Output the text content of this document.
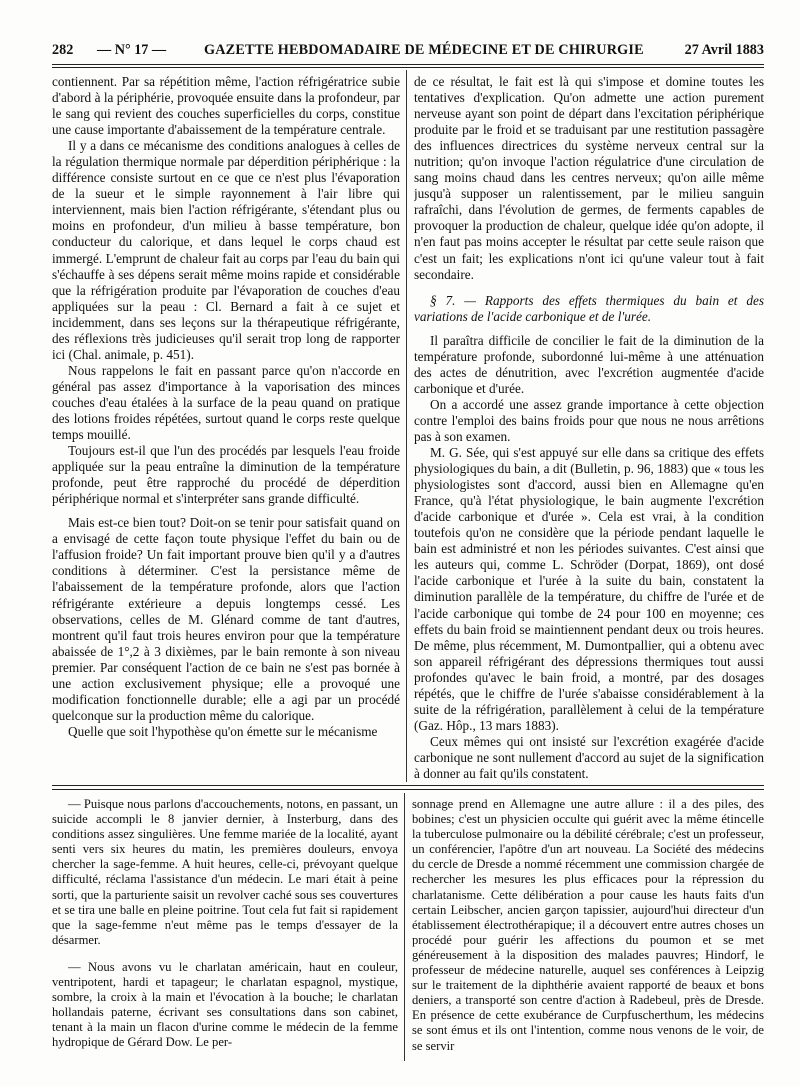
282 — N° 17 —	GAZETTE HEBDOMADAIRE DE MÉDECINE ET DE CHIRURGIE	27 Avril 1883

contiennent. Par sa répétition même, l'action réfrigératrice subie d'abord à la périphérie, provoquée ensuite dans la profondeur, par le sang qui revient des couches superficielles du corps, constitue une cause importante d'abaissement de la température centrale.

Il y a dans ce mécanisme des conditions analogues à celles de la régulation thermique normale par déperdition périphérique : la différence consiste surtout en ce que ce n'est plus l'évaporation de la sueur et le simple rayonnement à l'air libre qui interviennent, mais bien l'action réfrigérante, s'étendant plus ou moins en profondeur, d'un milieu à basse température, bon conducteur du calorique, et dans lequel le corps chaud est immergé. L'emprunt de chaleur fait au corps par l'eau du bain qui s'échauffe à ses dépens serait même moins rapide et considérable que la réfrigération produite par l'évaporation de couches d'eau appliquées sur la peau : Cl. Bernard a fait à ce sujet et incidemment, dans ses leçons sur la thérapeutique réfrigérante, des réflexions très judicieuses qu'il serait trop long de rapporter ici (Chal. animale, p. 451).

Nous rappelons le fait en passant parce qu'on n'accorde en général pas assez d'importance à la vaporisation des minces couches d'eau étalées à la surface de la peau quand on pratique des lotions froides répétées, surtout quand le corps reste quelque temps mouillé.

Toujours est-il que l'un des procédés par lesquels l'eau froide appliquée sur la peau entraîne la diminution de la température profonde, peut être rapproché du procédé de déperdition périphérique normal et s'interpréter sans grande difficulté.

Mais est-ce bien tout? Doit-on se tenir pour satisfait quand on a envisagé de cette façon toute physique l'effet du bain ou de l'affusion froide? Un fait important prouve bien qu'il y a d'autres conditions à déterminer. C'est la persistance même de l'abaissement de la température profonde, alors que l'action réfrigérante extérieure a depuis longtemps cessé. Les observations, celles de M. Glénard comme de tant d'autres, montrent qu'il faut trois heures environ pour que la température abaissée de 1°,2 à 3 dixièmes, par le bain remonte à son niveau premier. Par conséquent l'action de ce bain ne s'est pas bornée à une action exclusivement physique; elle a provoqué une modification fonctionnelle durable; elle a agi par un procédé quelconque sur la production même du calorique.

Quelle que soit l'hypothèse qu'on émette sur le mécanisme

de ce résultat, le fait est là qui s'impose et domine toutes les tentatives d'explication. Qu'on admette une action purement nerveuse ayant son point de départ dans l'excitation périphérique produite par le froid et se traduisant par une restitution passagère des influences directrices du système nerveux central sur la nutrition; qu'on invoque l'action régulatrice d'une circulation de sang moins chaud dans les centres nerveux; qu'on aille même jusqu'à supposer un ralentissement, par le milieu sanguin rafraîchi, dans l'évolution de germes, de ferments capables de provoquer la production de chaleur, quelque idée qu'on adopte, il n'en faut pas moins accepter le résultat par cette seule raison que c'est un fait; les explications n'ont ici qu'une valeur tout à fait secondaire.

§ 7. — Rapports des effets thermiques du bain et des variations de l'acide carbonique et de l'urée.

Il paraîtra difficile de concilier le fait de la diminution de la température profonde, subordonné lui-même à une atténuation des actes de dénutrition, avec l'excrétion augmentée d'acide carbonique et d'urée.

On a accordé une assez grande importance à cette objection contre l'emploi des bains froids pour que nous ne nous arrêtions pas à son examen.

M. G. Sée, qui s'est appuyé sur elle dans sa critique des effets physiologiques du bain, a dit (Bulletin, p. 96, 1883) que « tous les physiologistes sont d'accord, aussi bien en Allemagne qu'en France, qu'à l'état physiologique, le bain augmente l'excrétion d'acide carbonique et d'urée ». Cela est vrai, à la condition toutefois qu'on ne considère que la période pendant laquelle le bain est administré et non les périodes suivantes. C'est ainsi que les auteurs qui, comme L. Schröder (Dorpat, 1869), ont dosé l'acide carbonique et l'urée à la suite du bain, constatent la diminution parallèle de la température, du chiffre de l'urée et de l'acide carbonique qui tombe de 24 pour 100 en moyenne; ces effets du bain froid se maintiennent pendant deux ou trois heures. De même, plus récemment, M. Dumontpallier, qui a obtenu avec son appareil réfrigérant des dépressions thermiques tout aussi profondes qu'avec le bain froid, a montré, par des dosages répétés, que le chiffre de l'urée s'abaisse considérablement à la suite de la réfrigération, parallèlement à celui de la température (Gaz. Hôp., 13 mars 1883).

Ceux mêmes qui ont insisté sur l'excrétion exagérée d'acide carbonique ne sont nullement d'accord au sujet de la signification à donner au fait qu'ils constatent.

— Puisque nous parlons d'accouchements, notons, en passant, un suicide accompli le 8 janvier dernier, à Insterburg, dans des conditions assez singulières. Une femme mariée de la localité, ayant senti vers six heures du matin, les premières douleurs, envoya chercher la sage-femme. A huit heures, celle-ci, prévoyant quelque difficulté, réclama l'assistance d'un médecin. Le mari était à peine sorti, que la parturiente saisit un revolver caché sous ses couvertures et se tira une balle en pleine poitrine. Tout cela fut fait si rapidement que la sage-femme n'eut même pas le temps d'essayer de la désarmer.

— Nous avons vu le charlatan américain, haut en couleur, ventripotent, hardi et tapageur; le charlatan espagnol, mystique, sombre, la croix à la main et l'évocation à la bouche; le charlatan hollandais paterne, écrivant ses consultations dans son cabinet, tenant à la main un flacon d'urine comme le médecin de la femme hydropique de Gérard Dow. Le per-

sonnage prend en Allemagne une autre allure : il a des piles, des bobines; c'est un physicien occulte qui guérit avec la même étincelle la tuberculose pulmonaire ou la débilité cérébrale; c'est un professeur, un conférencier, l'apôtre d'un art nouveau. La Société des médecins du cercle de Dresde a nommé récemment une commission chargée de rechercher les mesures les plus efficaces pour la répression du charlatanisme. Cette délibération a pour cause les hauts faits d'un certain Leibscher, ancien garçon tapissier, aujourd'hui directeur d'un établissement électrothérapique; il a découvert entre autres choses un procédé pour guérir les affections du poumon et se met généreusement à la disposition des malades pauvres; Hindorf, le professeur de médecine naturelle, auquel ses conférences à Leipzig sur le traitement de la diphthérie avaient rapporté de beaux et bons deniers, a transporté son centre d'action à Radebeul, près de Dresde. En présence de cette exubérance de Curpfuscherthum, les médecins se sont émus et ils ont l'intention, comme nous venons de le voir, de se servir
